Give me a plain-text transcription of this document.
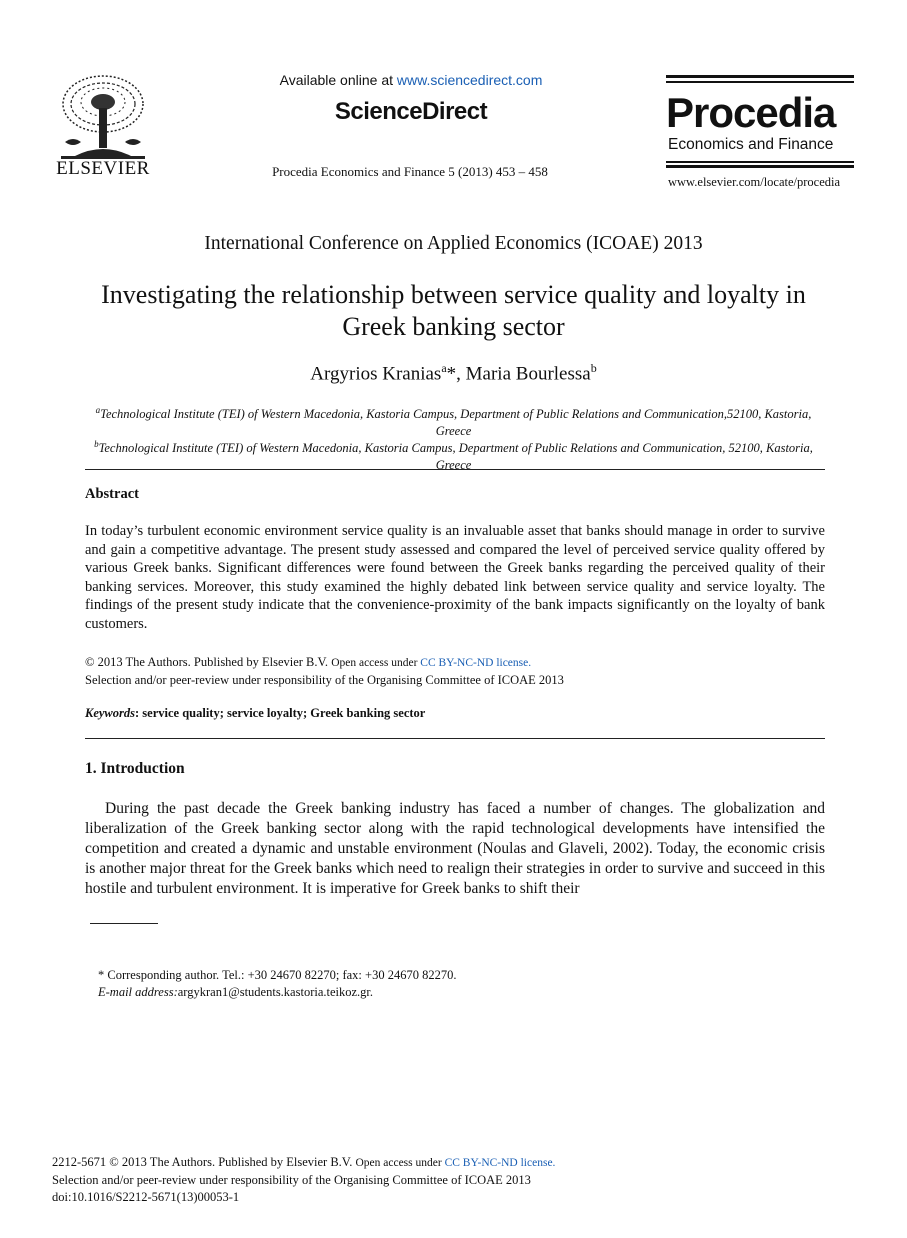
ELSEVIER
Available online at www.sciencedirect.com
ScienceDirect
Procedia Economics and Finance 5 (2013) 453 – 458
Procedia
Economics and Finance
www.elsevier.com/locate/procedia
International Conference on Applied Economics (ICOAE) 2013
Investigating the relationship between service quality and loyalty in Greek banking sector
Argyrios Kranias$^a$*, Maria Bourlessa$^b$
$^a$Technological Institute (TEI) of Western Macedonia, Kastoria Campus, Department of Public Relations and Communication,52100, Kastoria, Greece
$^b$Technological Institute (TEI) of Western Macedonia, Kastoria Campus, Department of Public Relations and Communication, 52100, Kastoria, Greece
Abstract
In today’s turbulent economic environment service quality is an invaluable asset that banks should manage in order to survive and gain a competitive advantage. The present study assessed and compared the level of perceived service quality offered by various Greek banks. Significant differences were found between the Greek banks regarding the perceived quality of their banking services. Moreover, this study examined the highly debated link between service quality and service loyalty. The findings of the present study indicate that the convenience-proximity of the bank impacts significantly on the loyalty of bank customers.
© 2013 The Authors. Published by Elsevier B.V. Open access under CC BY-NC-ND license.
Selection and/or peer-review under responsibility of the Organising Committee of ICOAE 2013
Keywords: service quality; service loyalty; Greek banking sector
1. Introduction
During the past decade the Greek banking industry has faced a number of changes. The globalization and liberalization of the Greek banking sector along with the rapid technological developments have intensified the competition and created a dynamic and unstable environment (Noulas and Glaveli, 2002). Today, the economic crisis is another major threat for the Greek banks which need to realign their strategies in order to survive and succeed in this hostile and turbulent environment. It is imperative for Greek banks to shift their
* Corresponding author. Tel.: +30 24670 82270; fax: +30 24670 82270.
E-mail address:argykran1@students.kastoria.teikoz.gr.
2212-5671 © 2013 The Authors. Published by Elsevier B.V. Open access under CC BY-NC-ND license.
Selection and/or peer-review under responsibility of the Organising Committee of ICOAE 2013
doi:10.1016/S2212-5671(13)00053-1
